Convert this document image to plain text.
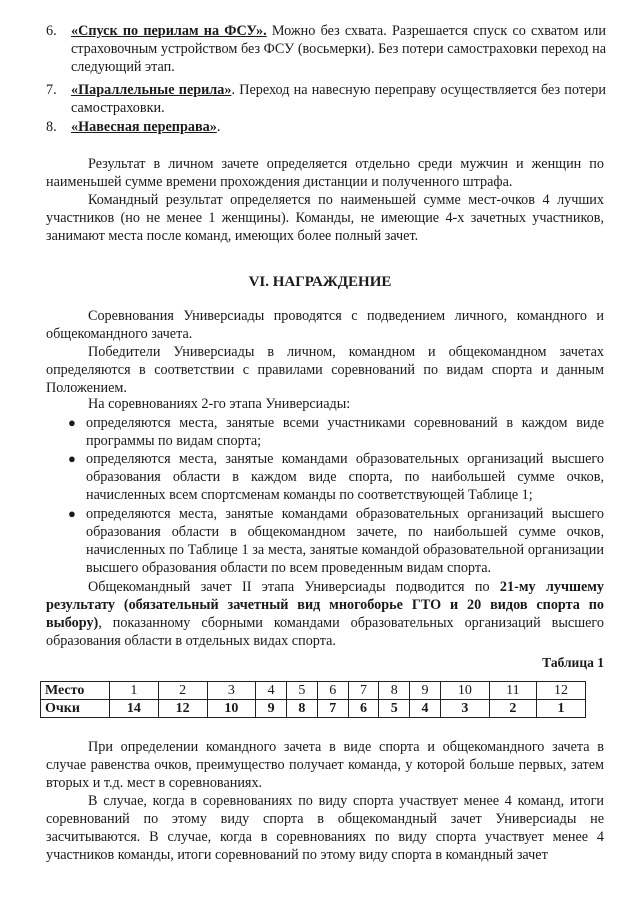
6.	«Спуск по перилам на ФСУ». Можно без схвата. Разрешается спуск со схватом или страховочным устройством без ФСУ (восьмерки). Без потери самостраховки переход на следующий этап.
7.	«Параллельные перила». Переход на навесную переправу осуществляется без потери самостраховки.
8.	«Навесная переправа».
Результат в личном зачете определяется отдельно среди мужчин и женщин по наименьшей сумме времени прохождения дистанции и полученного штрафа.
Командный результат определяется по наименьшей сумме мест-очков 4 лучших участников (но не менее 1 женщины). Команды, не имеющие 4-х зачетных участников, занимают места после команд, имеющих более полный зачет.
VI. НАГРАЖДЕНИЕ
Соревнования Универсиады проводятся с подведением личного, командного и общекомандного зачета.
Победители Универсиады в личном, командном и общекомандном зачетах определяются в соответствии с правилами соревнований по видам спорта и данным Положением.
На соревнованиях 2-го этапа Универсиады:
● определяются места, занятые всеми участниками соревнований в каждом виде программы по видам спорта;
● определяются места, занятые командами образовательных организаций высшего образования области в каждом виде спорта, по наибольшей сумме очков, начисленных всем спортсменам команды по соответствующей Таблице 1;
● определяются места, занятые командами образовательных организаций высшего образования области в общекомандном зачете, по наибольшей сумме очков, начисленных по Таблице 1 за места, занятые командой образовательной организации высшего образования области по всем проведенным видам спорта.
Общекомандный зачет II этапа Универсиады подводится по 21-му лучшему результату (обязательный зачетный вид многоборье ГТО и 20 видов спорта по выбору), показанному сборными командами образовательных организаций высшего образования области в отдельных видах спорта.
Таблица 1
Место	1	2	3	4	5	6	7	8	9	10	11	12
Очки	14	12	10	9	8	7	6	5	4	3	2	1
При определении командного зачета в виде спорта и общекомандного зачета в случае равенства очков, преимущество получает команда, у которой больше первых, затем вторых и т.д. мест в соревнованиях.
В случае, когда в соревнованиях по виду спорта участвует менее 4 команд, итоги соревнований по этому виду спорта в общекомандный зачет Универсиады не засчитываются. В случае, когда в соревнованиях по виду спорта участвует менее 4 участников команды, итоги соревнований по этому виду спорта в командный зачет
